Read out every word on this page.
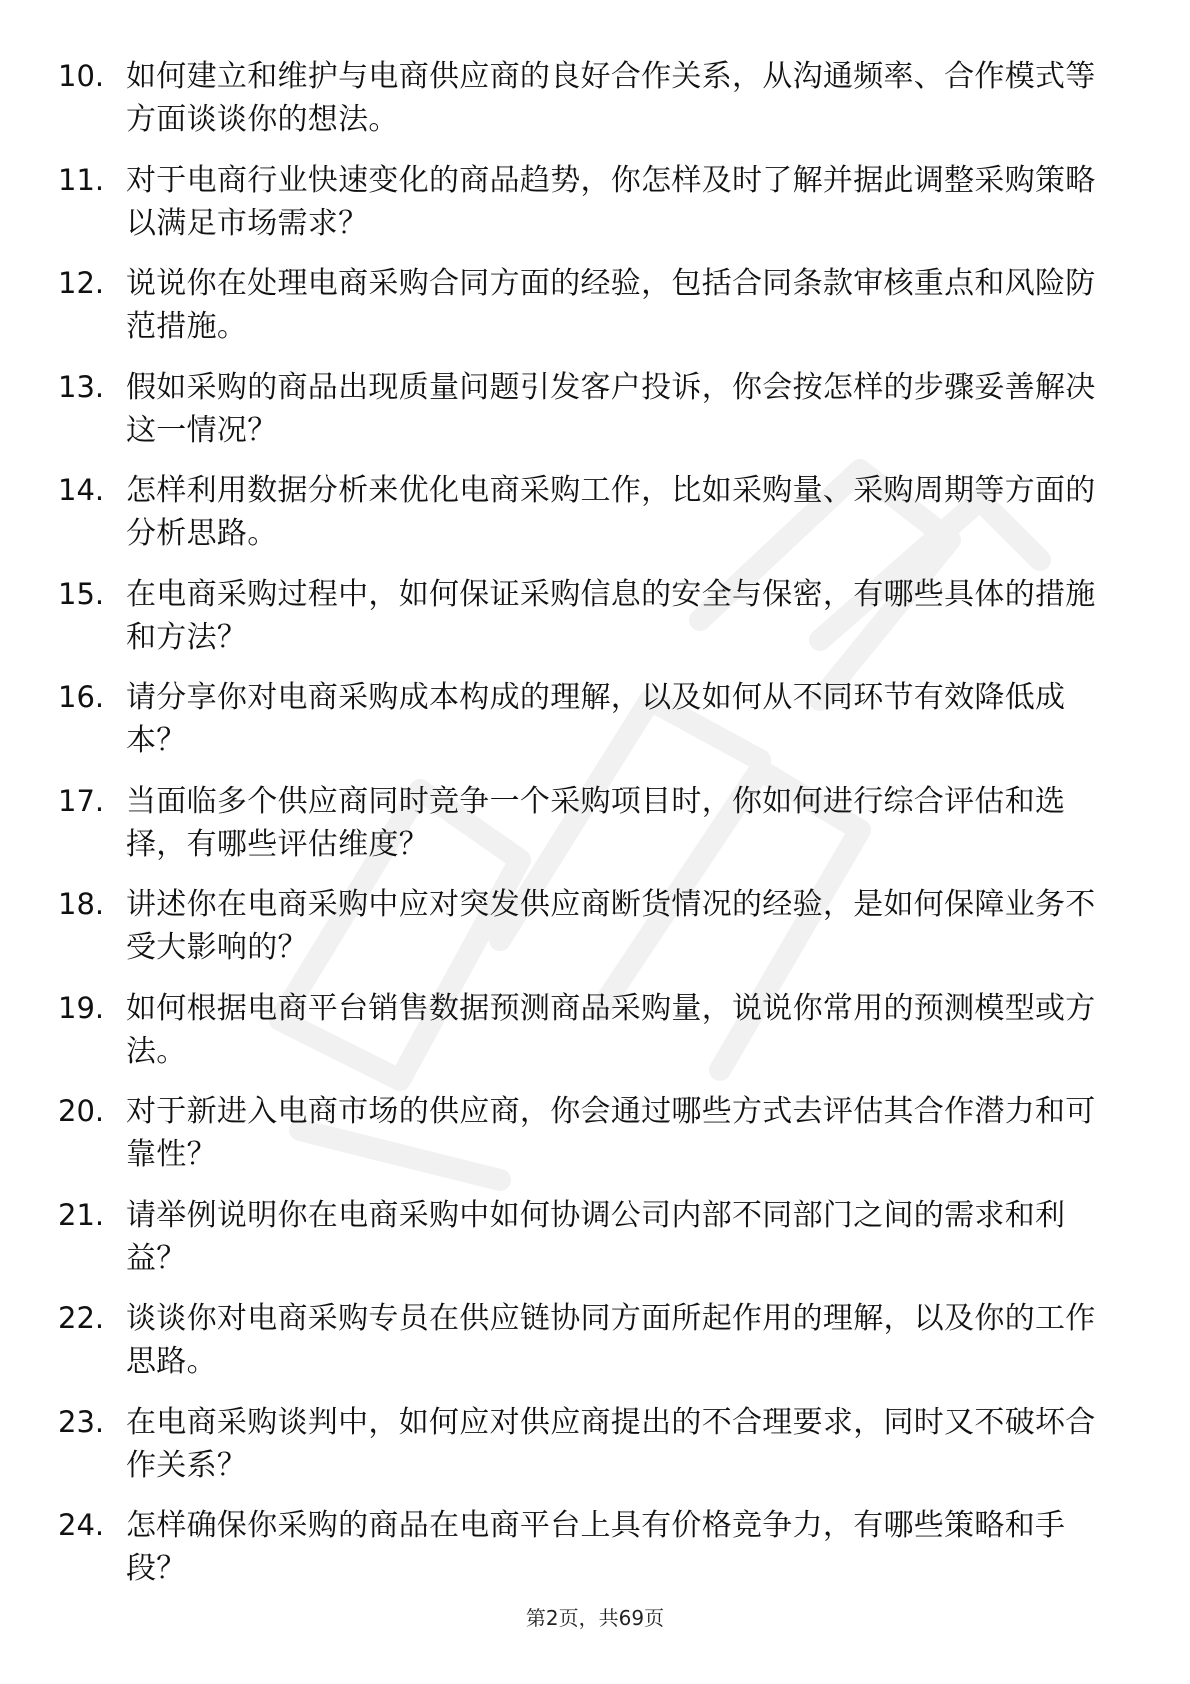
10. 如何建立和维护与电商供应商的良好合作关系，从沟通频率、合作模式等方面谈谈你的想法。
11. 对于电商行业快速变化的商品趋势，你怎样及时了解并据此调整采购策略以满足市场需求？
12. 说说你在处理电商采购合同方面的经验，包括合同条款审核重点和风险防范措施。
13. 假如采购的商品出现质量问题引发客户投诉，你会按怎样的步骤妥善解决这一情况？
14. 怎样利用数据分析来优化电商采购工作，比如采购量、采购周期等方面的分析思路。
15. 在电商采购过程中，如何保证采购信息的安全与保密，有哪些具体的措施和方法？
16. 请分享你对电商采购成本构成的理解，以及如何从不同环节有效降低成本？
17. 当面临多个供应商同时竞争一个采购项目时，你如何进行综合评估和选择，有哪些评估维度？
18. 讲述你在电商采购中应对突发供应商断货情况的经验，是如何保障业务不受大影响的？
19. 如何根据电商平台销售数据预测商品采购量，说说你常用的预测模型或方法。
20. 对于新进入电商市场的供应商，你会通过哪些方式去评估其合作潜力和可靠性？
21. 请举例说明你在电商采购中如何协调公司内部不同部门之间的需求和利益？
22. 谈谈你对电商采购专员在供应链协同方面所起作用的理解，以及你的工作思路。
23. 在电商采购谈判中，如何应对供应商提出的不合理要求，同时又不破坏合作关系？
24. 怎样确保你采购的商品在电商平台上具有价格竞争力，有哪些策略和手段？
第2页，共69页
